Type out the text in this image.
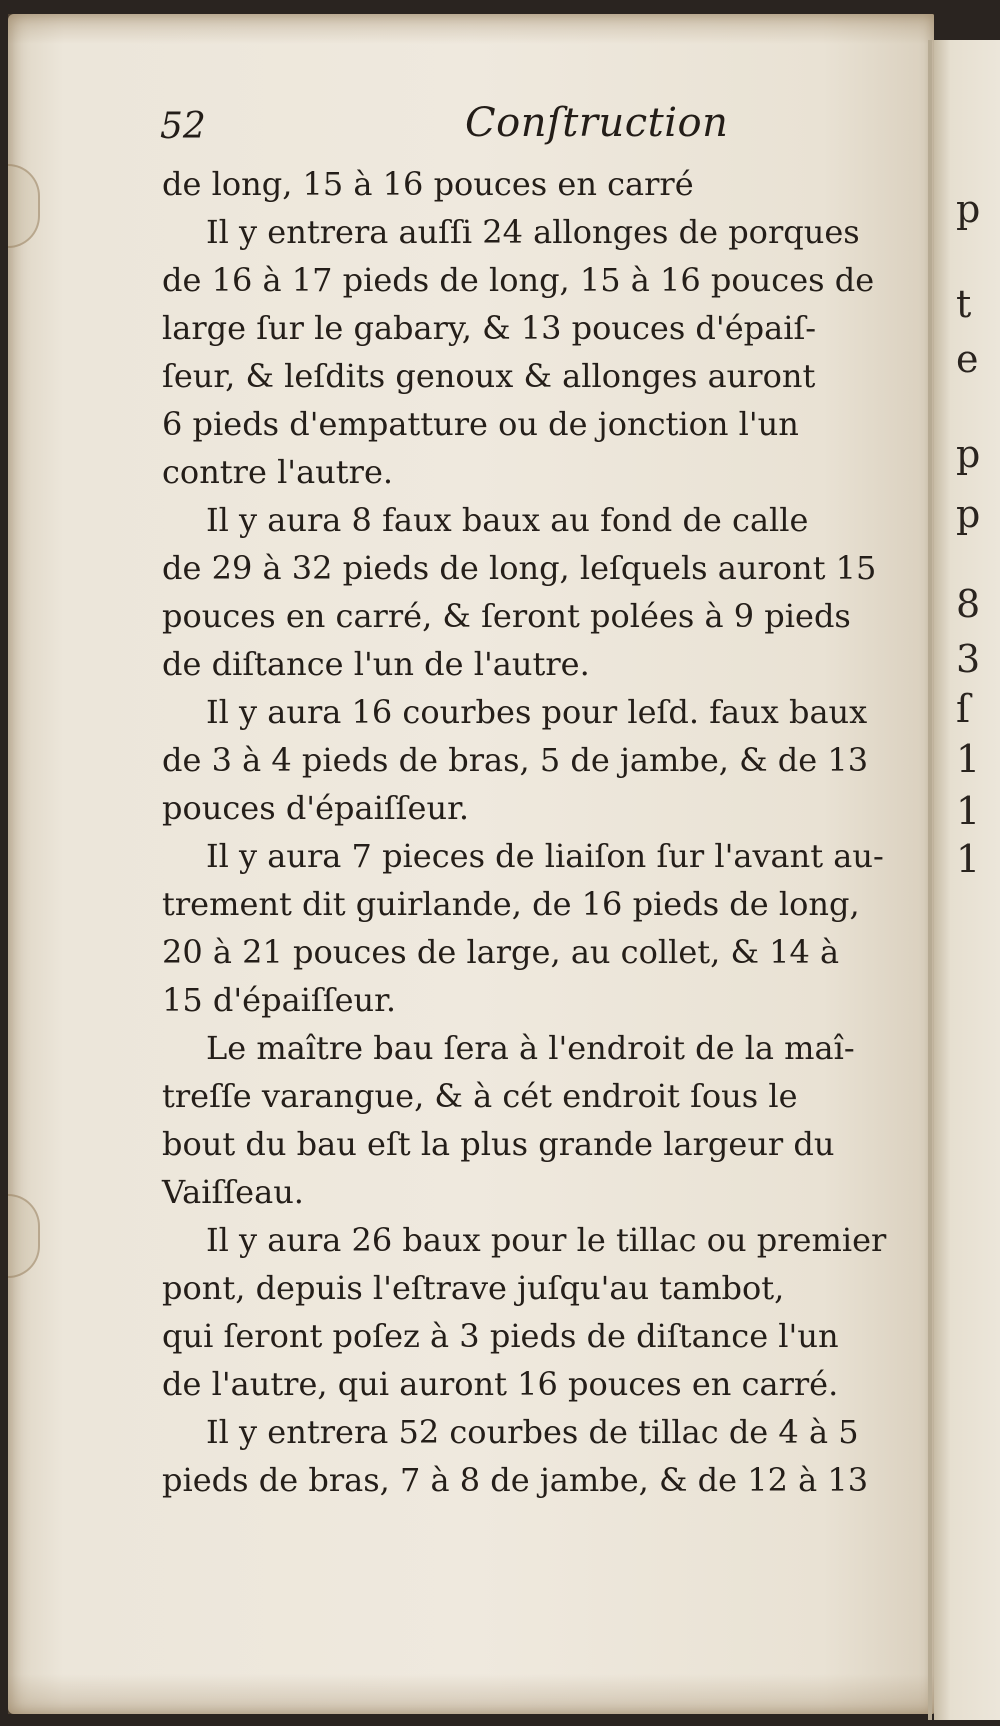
p
t
e
p
p
8
3
ſ
1
1
1
52	Conſtruction
de long, 15 à 16 pouces en carré
Il y entrera auſſi 24 allonges de porques
de 16 à 17 pieds de long, 15 à 16 pouces de
large ſur le gabary, & 13 pouces d'épaiſ-
ſeur, & leſdits genoux & allonges auront
6 pieds d'empatture ou de jonction l'un
contre l'autre.
Il y aura 8 faux baux au fond de calle
de 29 à 32 pieds de long, leſquels auront 15
pouces en carré, & ſeront polées à 9 pieds
de diſtance l'un de l'autre.
Il y aura 16 courbes pour leſd. faux baux
de 3 à 4 pieds de bras, 5 de jambe, & de 13
pouces d'épaiſſeur.
Il y aura 7 pieces de liaiſon ſur l'avant au-
trement dit guirlande, de 16 pieds de long,
20 à 21 pouces de large, au collet, & 14 à
15 d'épaiſſeur.
Le maître bau ſera à l'endroit de la maî-
treſſe varangue, & à cét endroit ſous le
bout du bau eſt la plus grande largeur du
Vaiſſeau.
Il y aura 26 baux pour le tillac ou premier
pont, depuis l'eſtrave juſqu'au tambot,
qui ſeront poſez à 3 pieds de diſtance l'un
de l'autre, qui auront 16 pouces en carré.
Il y entrera 52 courbes de tillac de 4 à 5
pieds de bras, 7 à 8 de jambe, & de 12 à 13
